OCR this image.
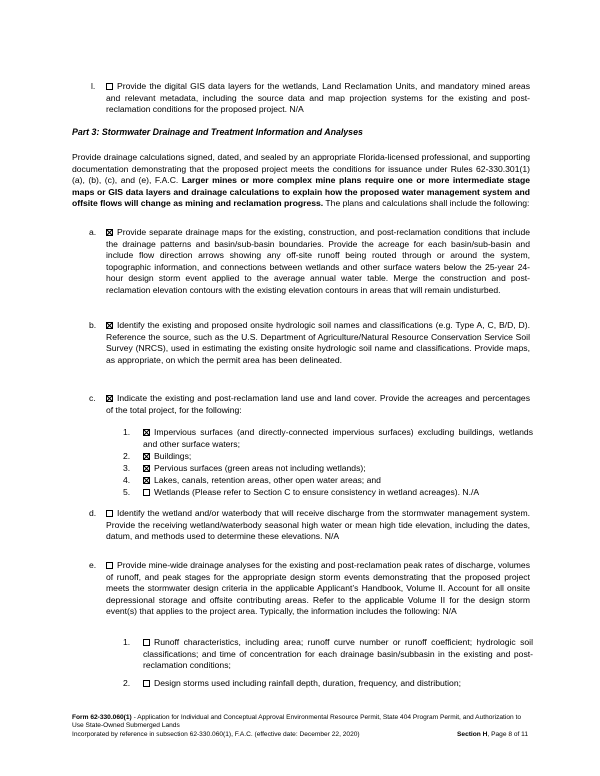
l.	Provide the digital GIS data layers for the wetlands, Land Reclamation Units, and mandatory mined areas and relevant metadata, including the source data and map projection systems for the existing and post-reclamation conditions for the proposed project. N/A
Part 3: Stormwater Drainage and Treatment Information and Analyses
Provide drainage calculations signed, dated, and sealed by an appropriate Florida-licensed professional, and supporting documentation demonstrating that the proposed project meets the conditions for issuance under Rules 62-330.301(1)(a), (b), (c), and (e), F.A.C. Larger mines or more complex mine plans require one or more intermediate stage maps or GIS data layers and drainage calculations to explain how the proposed water management system and offsite flows will change as mining and reclamation progress. The plans and calculations shall include the following:
a.	Provide separate drainage maps for the existing, construction, and post-reclamation conditions that include the drainage patterns and basin/sub-basin boundaries. Provide the acreage for each basin/sub-basin and include flow direction arrows showing any off-site runoff being routed through or around the system, topographic information, and connections between wetlands and other surface waters below the 25-year 24-hour design storm event applied to the average annual water table. Merge the construction and post-reclamation elevation contours with the existing elevation contours in areas that will remain undisturbed.
b.	Identify the existing and proposed onsite hydrologic soil names and classifications (e.g. Type A, C, B/D, D). Reference the source, such as the U.S. Department of Agriculture/Natural Resource Conservation Service Soil Survey (NRCS), used in estimating the existing onsite hydrologic soil name and classifications. Provide maps, as appropriate, on which the permit area has been delineated.
c.	Indicate the existing and post-reclamation land use and land cover. Provide the acreages and percentages of the total project, for the following:
1.	Impervious surfaces (and directly-connected impervious surfaces) excluding buildings, wetlands and other surface waters;
2.	Buildings;
3.	Pervious surfaces (green areas not including wetlands);
4.	Lakes, canals, retention areas, other open water areas; and
5.	Wetlands (Please refer to Section C to ensure consistency in wetland acreages). N./A
d.	Identify the wetland and/or waterbody that will receive discharge from the stormwater management system. Provide the receiving wetland/waterbody seasonal high water or mean high tide elevation, including the dates, datum, and methods used to determine these elevations. N/A
e.	Provide mine-wide drainage analyses for the existing and post-reclamation peak rates of discharge, volumes of runoff, and peak stages for the appropriate design storm events demonstrating that the proposed project meets the stormwater design criteria in the applicable Applicant’s Handbook, Volume II. Account for all onsite depressional storage and offsite contributing areas. Refer to the applicable Volume II for the design storm event(s) that applies to the project area. Typically, the information includes the following: N/A
1.	Runoff characteristics, including area; runoff curve number or runoff coefficient; hydrologic soil classifications; and time of concentration for each drainage basin/subbasin in the existing and post-reclamation conditions;
2.	Design storms used including rainfall depth, duration, frequency, and distribution;
Form 62-330.060(1) - Application for Individual and Conceptual Approval Environmental Resource Permit, State 404 Program Permit, and Authorization to Use State-Owned Submerged Lands
Incorporated by reference in subsection 62-330.060(1), F.A.C. (effective date: December 22, 2020)	Section H, Page 8 of 11
